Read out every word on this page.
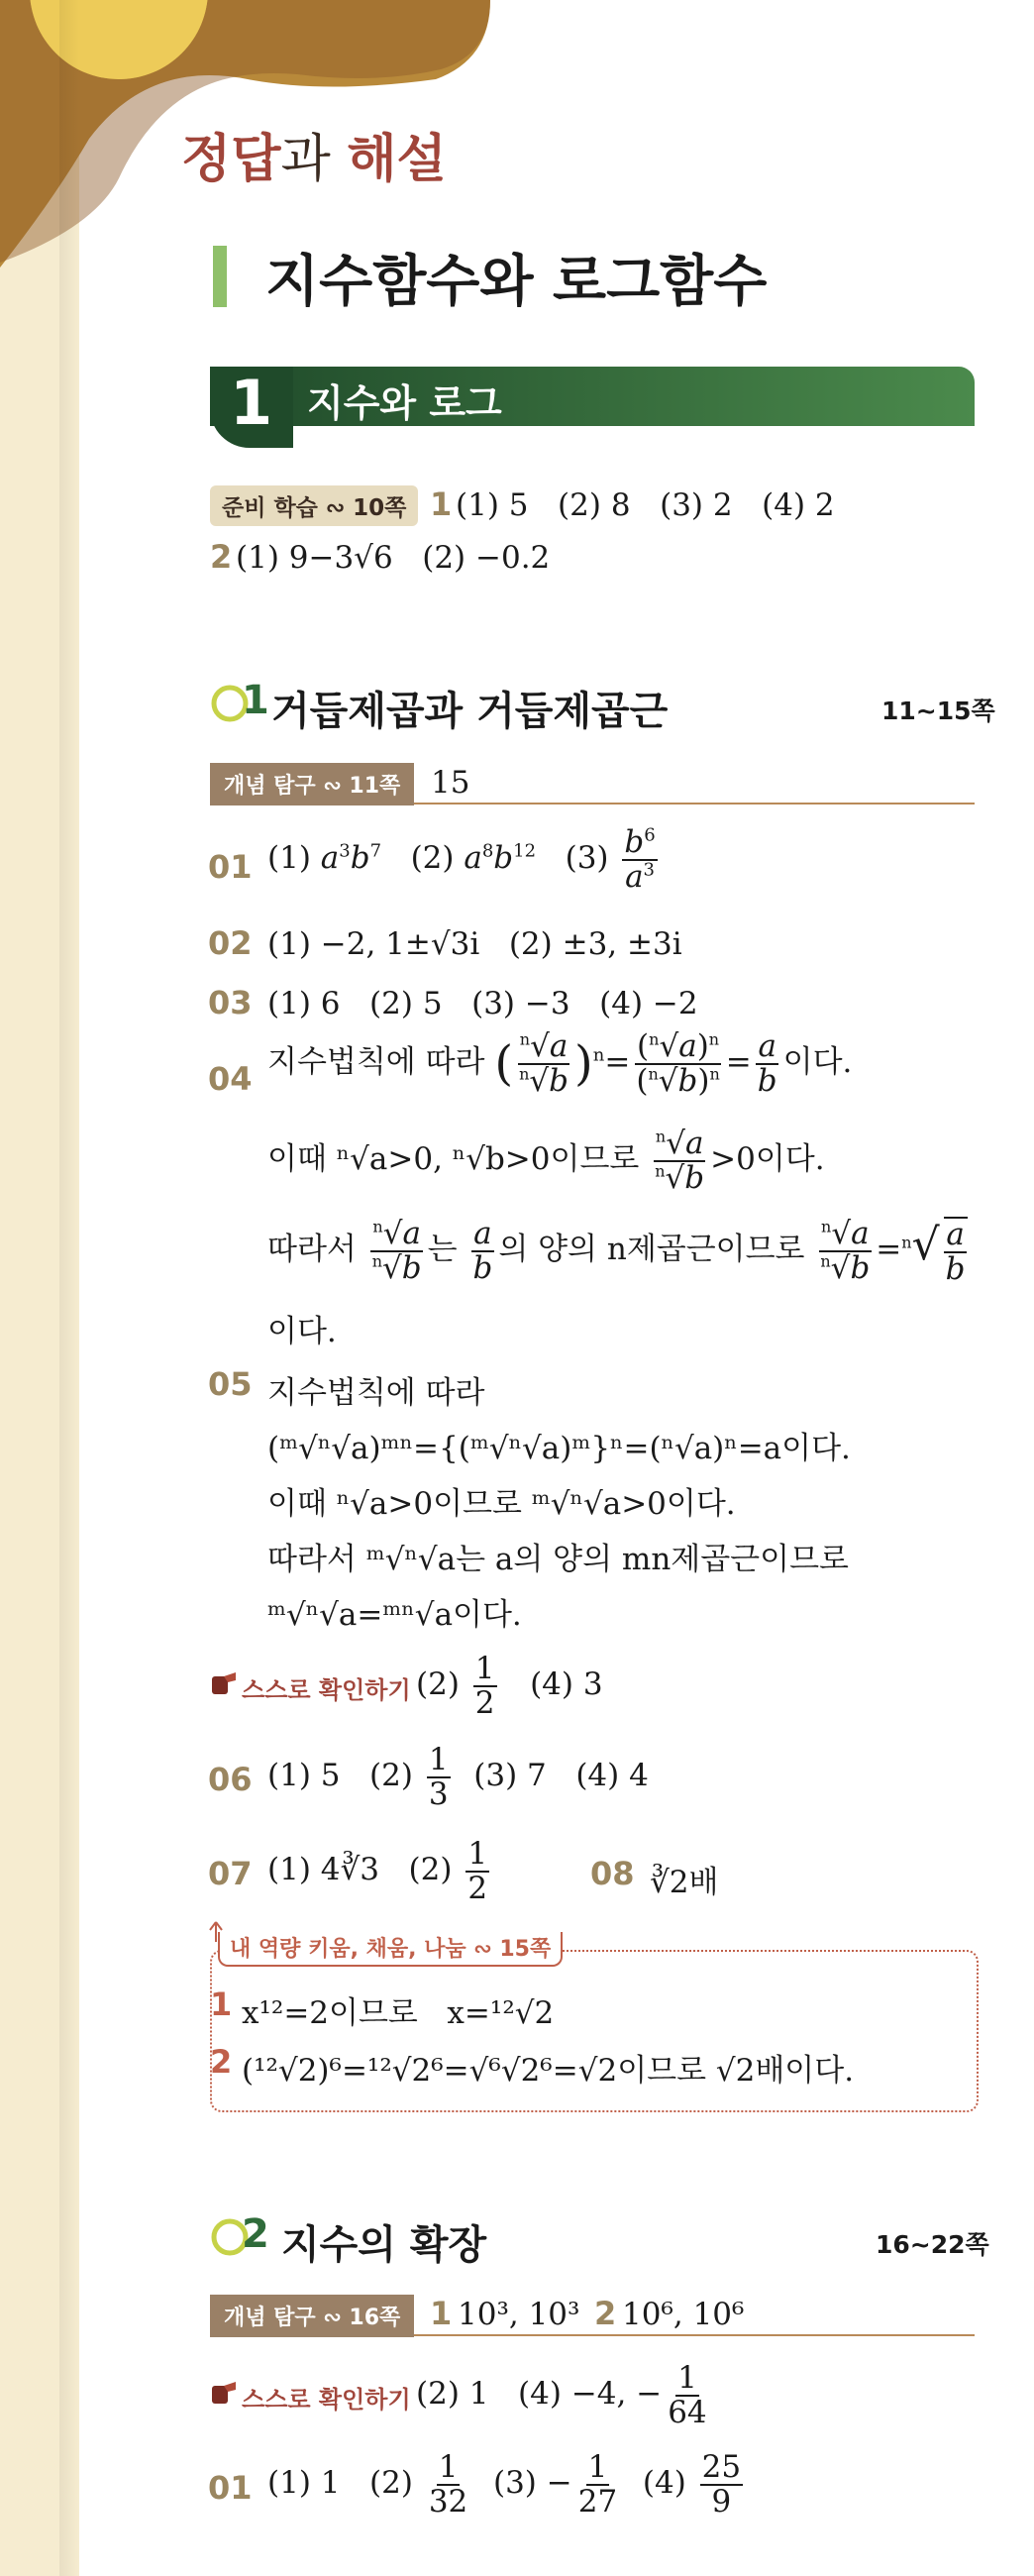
정답과 해설
지수함수와 로그함수
1 지수와 로그
준비 학습 ∾ 10쪽 1 (1) 5   (2) 8   (3) 2   (4) 2
2 (1) 9−3√6   (2) −0.2
1 거듭제곱과 거듭제곱근	11~15쪽
개념 탐구 ∾ 11쪽 15
01 (1) $a^3b^7$   (2) $a^8b^{12}$   $(3) \frac{b^6}{a^3}$
02 (1) −2, 1±√3i   (2) ±3, ±3i
03 (1) 6   (2) 5   (3) −3   (4) −2
04 지수법칙에 따라 ( $\frac{^n√a}{^n√b} )^n= \frac{(^n√a)^n}{(^n√b)^n} = \frac{a}{b}$ 이다.
이때 ⁿ√a>0, ⁿ√b>0이므로 $\frac{^n√a}{^n√b} >0$이다.
따라서 $\frac{^n√a}{^n√b}$ 는 $\frac{a}{b}$ 의 양의 n제곱근이므로 $\frac{^n√a}{^n√b} =^n√ \frac{a}{b}$
이다.
05 지수법칙에 따라
(ᵐ√ⁿ√a)ᵐⁿ={(ᵐ√ⁿ√a)ᵐ}ⁿ=(ⁿ√a)ⁿ=a이다.
이때 ⁿ√a>0이므로 ᵐ√ⁿ√a>0이다.
따라서 ᵐ√ⁿ√a는 a의 양의 mn제곱근이므로
ᵐ√ⁿ√a=ᵐⁿ√a이다.
스스로 확인하기 $(2) \frac{1}{2} (4)$ 3
06 (1) 5   $(2) \frac{1}{3} (3)$ 7   (4) 4
07 (1) 4∛3   $(2) \frac{1}{2}$	08 ∛2배
내 역량 키움, 채움, 나눔 ∾ 15쪽
1 x¹²=2이므로   x=¹²√2
2 (¹²√2)⁶=¹²√2⁶=√⁶√2⁶=√2이므로 √2배이다.
2 지수의 확장	16~22쪽
개념 탐구 ∾ 16쪽 1 10³, 10³ 2 10⁶, 10⁶
스스로 확인하기 (2) 1   (4) −4, − $\frac{1}{64}$
01 (1) 1   $(2) \frac{1}{32} (3) - \frac{1}{27} (4) \frac{25}{9}$
